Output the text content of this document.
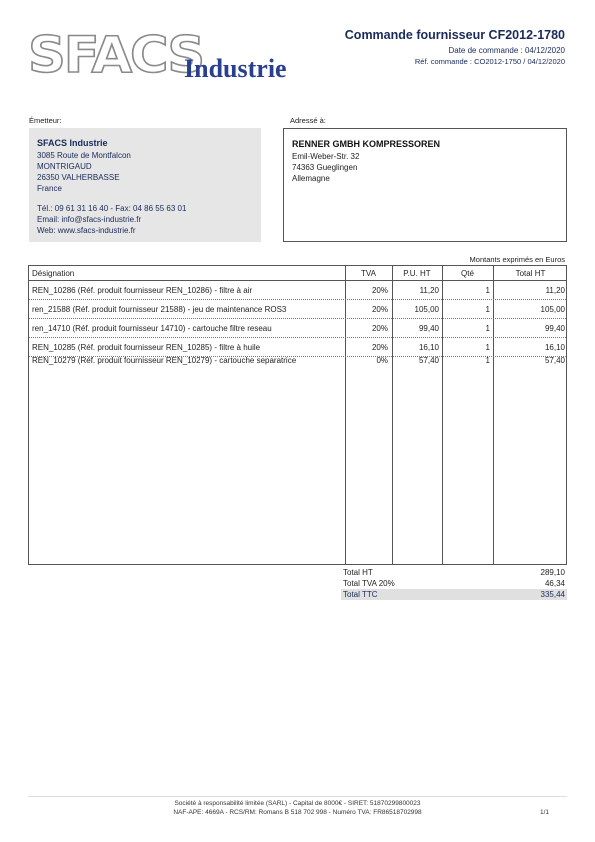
SFACS
Industrie
Commande fournisseur CF2012-1780
Date de commande : 04/12/2020
Réf. commande : CO2012-1750 / 04/12/2020
Émetteur:
SFACS Industrie
3085 Route de Montfalcon
MONTRIGAUD
26350 VALHERBASSE
France
Tél.: 09 61 31 16 40 - Fax: 04 86 55 63 01
Email: info@sfacs-industrie.fr
Web: www.sfacs-industrie.fr
Adressé à:
RENNER GMBH KOMPRESSOREN
Emil-Weber-Str. 32
74363 Gueglingen
Allemagne
Montants exprimés en Euros
Désignation	TVA	P.U. HT	Qté	Total HT
REN_10286 (Réf. produit fournisseur REN_10286) - filtre à air	20%	11,20	1	11,20
ren_21588 (Réf. produit fournisseur 21588) - jeu de maintenance ROS3	20%	105,00	1	105,00
ren_14710 (Réf. produit fournisseur 14710) - cartouche filtre reseau	20%	99,40	1	99,40
REN_10285 (Réf. produit fournisseur REN_10285) - filtre à huile	20%	16,10	1	16,10
REN_10279 (Réf. produit fournisseur REN_10279) - cartouche separatrice	0%	57,40	1	57,40
Total HT	289,10
Total TVA 20%	46,34
Total TTC	335,44
Société à responsabilité limitée (SARL) - Capital de 8000€ - SIRET: 51870299800023
NAF-APE: 4669A - RCS/RM: Romans B 518 702 998 - Numéro TVA: FR86518702998	1/1
